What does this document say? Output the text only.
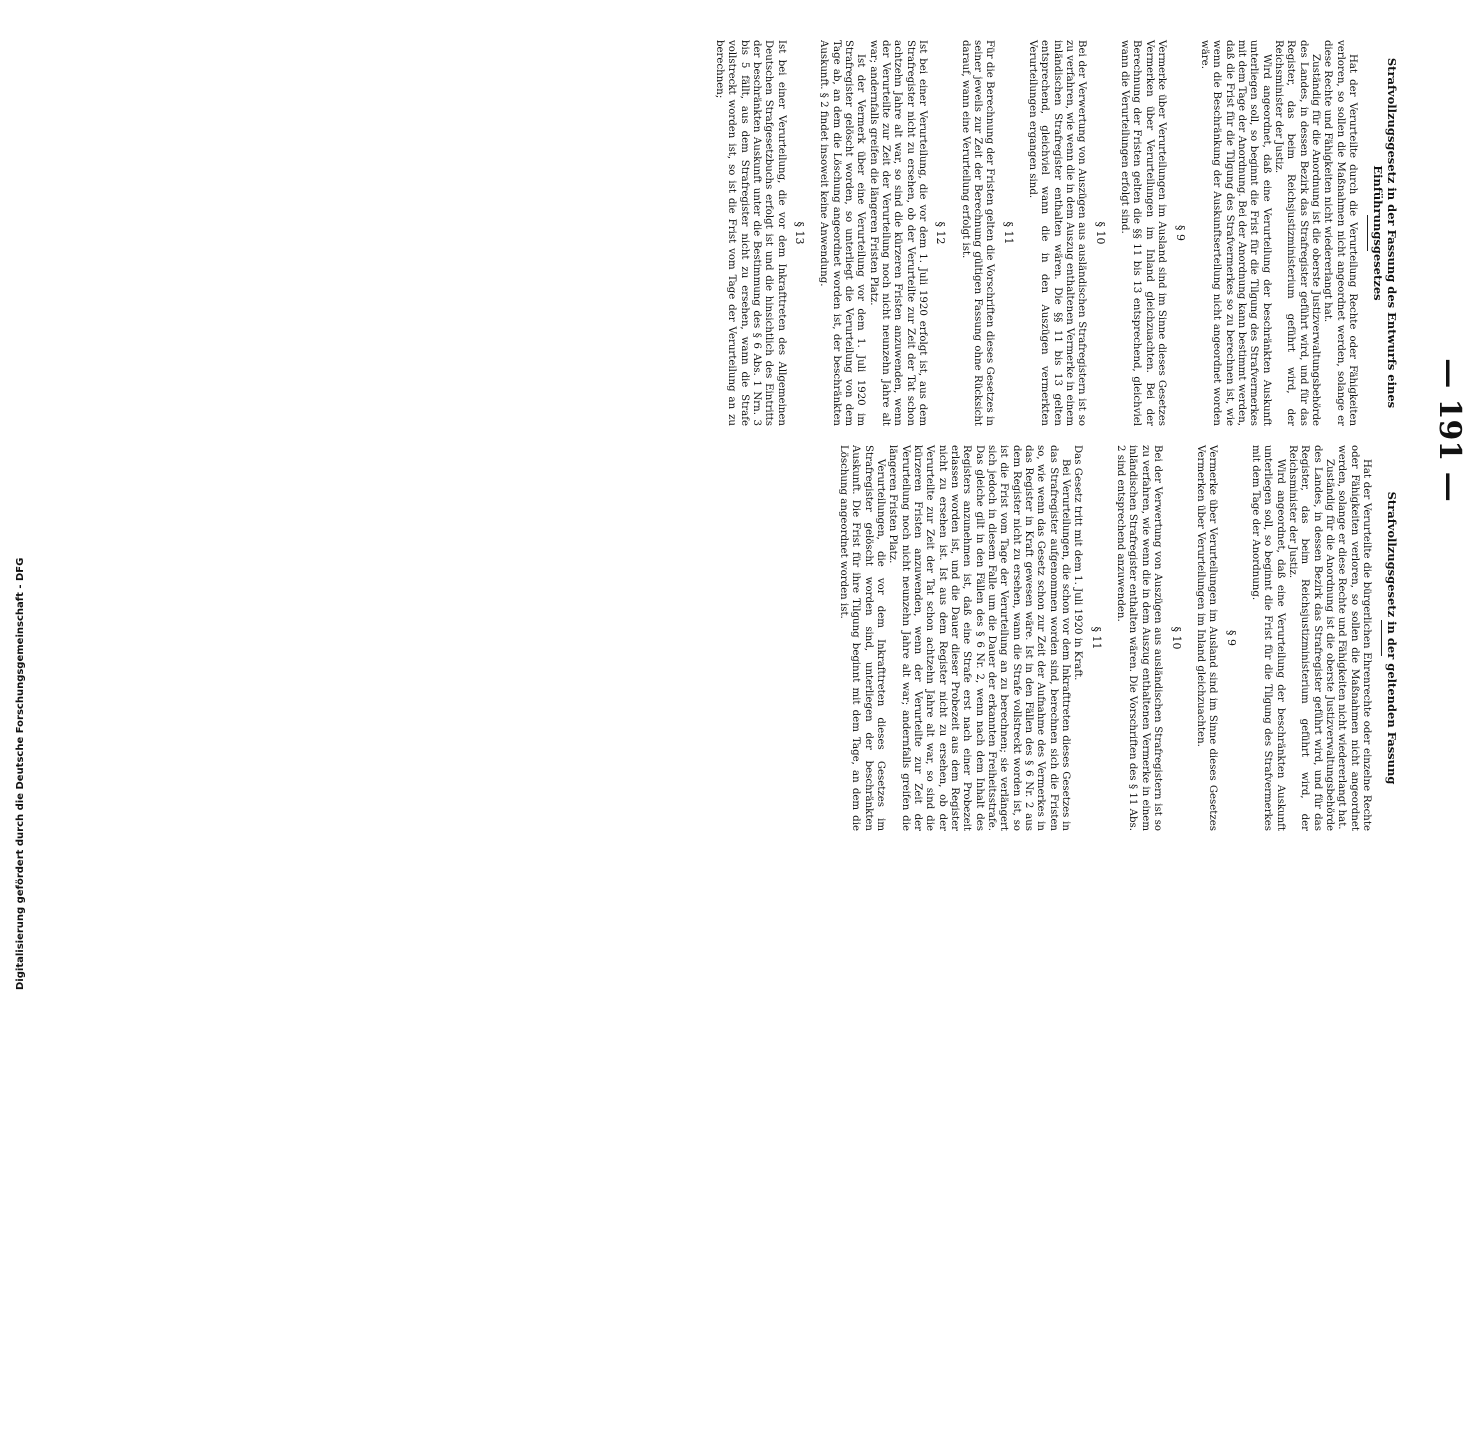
Digitalisierung gefördert durch die Deutsche Forschungsgemeinschaft - DFG
— 191 —
Strafvollzugsgesetz in der Fassung des Entwurfs eines Einführungsgesetzes

Hat der Verurteilte durch die Verurteilung Rechte oder Fähigkeiten verloren, so sollen die Maßnahmen nicht angeordnet werden, solange er diese Rechte und Fähigkeiten nicht wiedererlangt hat.

Zuständig für die Anordnung ist die oberste Justizverwaltungsbehörde des Landes, in dessen Bezirk das Strafregister geführt wird, und für das Register, das beim Reichsjustizministerium geführt wird, der Reichsminister der Justiz.

Wird angeordnet, daß eine Verurteilung der beschränkten Auskunft unterliegen soll, so beginnt die Frist für die Tilgung des Strafvermerkes mit dem Tage der Anordnung. Bei der Anordnung kann bestimmt werden, daß die Frist für die Tilgung des Strafvermerkes so zu berechnen ist, wie wenn die Beschränkung der Auskunftserteilung nicht angeordnet worden wäre.

§ 9

Vermerke über Verurteilungen im Ausland sind im Sinne dieses Gesetzes Vermerken über Verurteilungen im Inland gleichzuachten. Bei der Berechnung der Fristen gelten die §§ 11 bis 13 entsprechend, gleichviel wann die Verurteilungen erfolgt sind.

§ 10

Bei der Verwertung von Auszügen aus ausländischen Strafregistern ist so zu verfahren, wie wenn die in dem Auszug enthaltenen Vermerke in einem inländischen Strafregister enthalten wären. Die §§ 11 bis 13 gelten entsprechend, gleichviel wann die in den Auszügen vermerkten Verurteilungen ergangen sind.

§ 11

Für die Berechnung der Fristen gelten die Vorschriften dieses Gesetzes in seiner jeweils zur Zeit der Berechnung gültigen Fassung ohne Rücksicht darauf, wann eine Verurteilung erfolgt ist.

§ 12

Ist bei einer Verurteilung, die vor dem 1. Juli 1920 erfolgt ist, aus dem Strafregister nicht zu ersehen, ob der Verurteilte zur Zeit der Tat schon achtzehn Jahre alt war, so sind die kürzeren Fristen anzuwenden, wenn der Verurteilte zur Zeit der Verurteilung noch nicht neunzehn Jahre alt war; andernfalls greifen die längeren Fristen Platz.

Ist der Vermerk über eine Verurteilung vor dem 1. Juli 1920 im Strafregister gelöscht worden, so unterliegt die Verurteilung von dem Tage ab, an dem die Löschung angeordnet worden ist, der beschränkten Auskunft. § 2 findet insoweit keine Anwendung.

§ 13

Ist bei einer Verurteilung, die vor dem Inkrafttreten des Allgemeinen Deutschen Strafgesetzbuchs erfolgt ist und die hinsichtlich des Eintritts der beschränkten Auskunft unter die Bestimmung des § 6 Abs. 1 Nrn. 3 bis 5 fällt, aus dem Strafregister nicht zu ersehen, wann die Strafe vollstreckt worden ist, so ist die Frist vom Tage der Verurteilung an zu berechnen;

Strafvollzugsgesetz in der geltenden Fassung

Hat der Verurteilte die bürgerlichen Ehrenrechte oder einzelne Rechte oder Fähigkeiten verloren, so sollen die Maßnahmen nicht angeordnet werden, solange er diese Rechte und Fähigkeiten nicht wiedererlangt hat.

Zuständig für die Anordnung ist die oberste Justizverwaltungsbehörde des Landes, in dessen Bezirk das Strafregister geführt wird, und für das Register, das beim Reichsjustizministerium geführt wird, der Reichsminister der Justiz.

Wird angeordnet, daß eine Verurteilung der beschränkten Auskunft unterliegen soll, so beginnt die Frist für die Tilgung des Strafvermerkes mit dem Tage der Anordnung.

§ 9

Vermerke über Verurteilungen im Ausland sind im Sinne dieses Gesetzes Vermerken über Verurteilungen im Inland gleichzuachten.

§ 10

Bei der Verwertung von Auszügen aus ausländischen Strafregistern ist so zu verfahren, wie wenn die in dem Auszug enthaltenen Vermerke in einem inländischen Strafregister enthalten wären. Die Vorschriften des § 11 Abs. 2 sind entsprechend anzuwenden.

§ 11

Das Gesetz tritt mit dem 1. Juli 1920 in Kraft.

Bei Verurteilungen, die schon vor dem Inkrafttreten dieses Gesetzes in das Strafregister aufgenommen worden sind, berechnen sich die Fristen so, wie wenn das Gesetz schon zur Zeit der Aufnahme des Vermerkes in das Register in Kraft gewesen wäre. Ist in den Fällen des § 6 Nr. 2 aus dem Register nicht zu ersehen, wann die Strafe vollstreckt worden ist, so ist die Frist vom Tage der Verurteilung an zu berechnen; sie verlängert sich jedoch in diesem Falle um die Dauer der erkannten Freiheitsstrafe. Das gleiche gilt in den Fällen des § 6 Nr. 2, wenn nach dem Inhalt des Registers anzunehmen ist, daß eine Strafe erst nach einer Probezeit erlassen worden ist, und die Dauer dieser Probezeit aus dem Register nicht zu ersehen ist. Ist aus dem Register nicht zu ersehen, ob der Verurteilte zur Zeit der Tat schon achtzehn Jahre alt war, so sind die kürzeren Fristen anzuwenden, wenn der Verurteilte zur Zeit der Verurteilung noch nicht neunzehn Jahre alt war; andernfalls greifen die längeren Fristen Platz.

Verurteilungen, die vor dem Inkrafttreten dieses Gesetzes im Strafregister gelöscht worden sind, unterliegen der beschränkten Auskunft. Die Frist für ihre Tilgung beginnt mit dem Tage, an dem die Löschung angeordnet worden ist.
